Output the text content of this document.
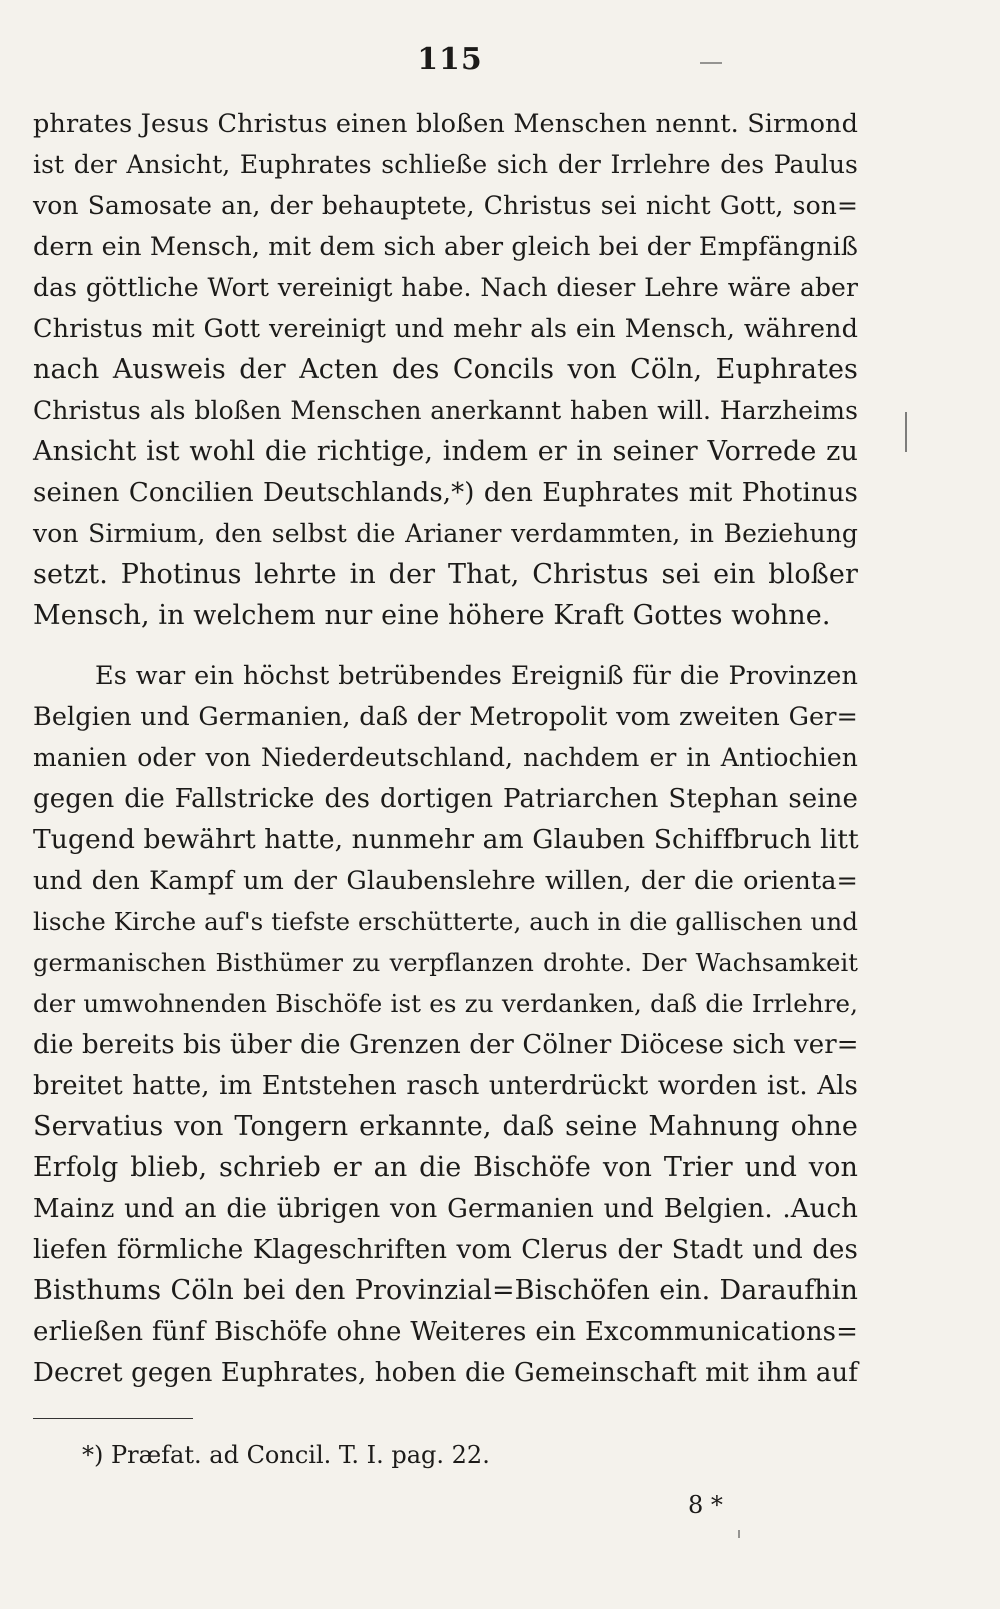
115
phrates Jesus Christus einen bloßen Menschen nennt. Sirmond
ist der Ansicht, Euphrates schließe sich der Irrlehre des Paulus
von Samosate an, der behauptete, Christus sei nicht Gott, son=
dern ein Mensch, mit dem sich aber gleich bei der Empfängniß
das göttliche Wort vereinigt habe. Nach dieser Lehre wäre aber
Christus mit Gott vereinigt und mehr als ein Mensch, während
nach Ausweis der Acten des Concils von Cöln, Euphrates
Christus als bloßen Menschen anerkannt haben will. Harzheims
Ansicht ist wohl die richtige, indem er in seiner Vorrede zu
seinen Concilien Deutschlands,*) den Euphrates mit Photinus
von Sirmium, den selbst die Arianer verdammten, in Beziehung
setzt. Photinus lehrte in der That, Christus sei ein bloßer
Mensch, in welchem nur eine höhere Kraft Gottes wohne.
Es war ein höchst betrübendes Ereigniß für die Provinzen
Belgien und Germanien, daß der Metropolit vom zweiten Ger=
manien oder von Niederdeutschland, nachdem er in Antiochien
gegen die Fallstricke des dortigen Patriarchen Stephan seine
Tugend bewährt hatte, nunmehr am Glauben Schiffbruch litt
und den Kampf um der Glaubenslehre willen, der die orienta=
lische Kirche auf's tiefste erschütterte, auch in die gallischen und
germanischen Bisthümer zu verpflanzen drohte. Der Wachsamkeit
der umwohnenden Bischöfe ist es zu verdanken, daß die Irrlehre,
die bereits bis über die Grenzen der Cölner Diöcese sich ver=
breitet hatte, im Entstehen rasch unterdrückt worden ist. Als
Servatius von Tongern erkannte, daß seine Mahnung ohne
Erfolg blieb, schrieb er an die Bischöfe von Trier und von
Mainz und an die übrigen von Germanien und Belgien. .Auch
liefen förmliche Klageschriften vom Clerus der Stadt und des
Bisthums Cöln bei den Provinzial=Bischöfen ein. Daraufhin
erließen fünf Bischöfe ohne Weiteres ein Excommunications=
Decret gegen Euphrates, hoben die Gemeinschaft mit ihm auf
*) Præfat. ad Concil. T. I. pag. 22.
8 *
